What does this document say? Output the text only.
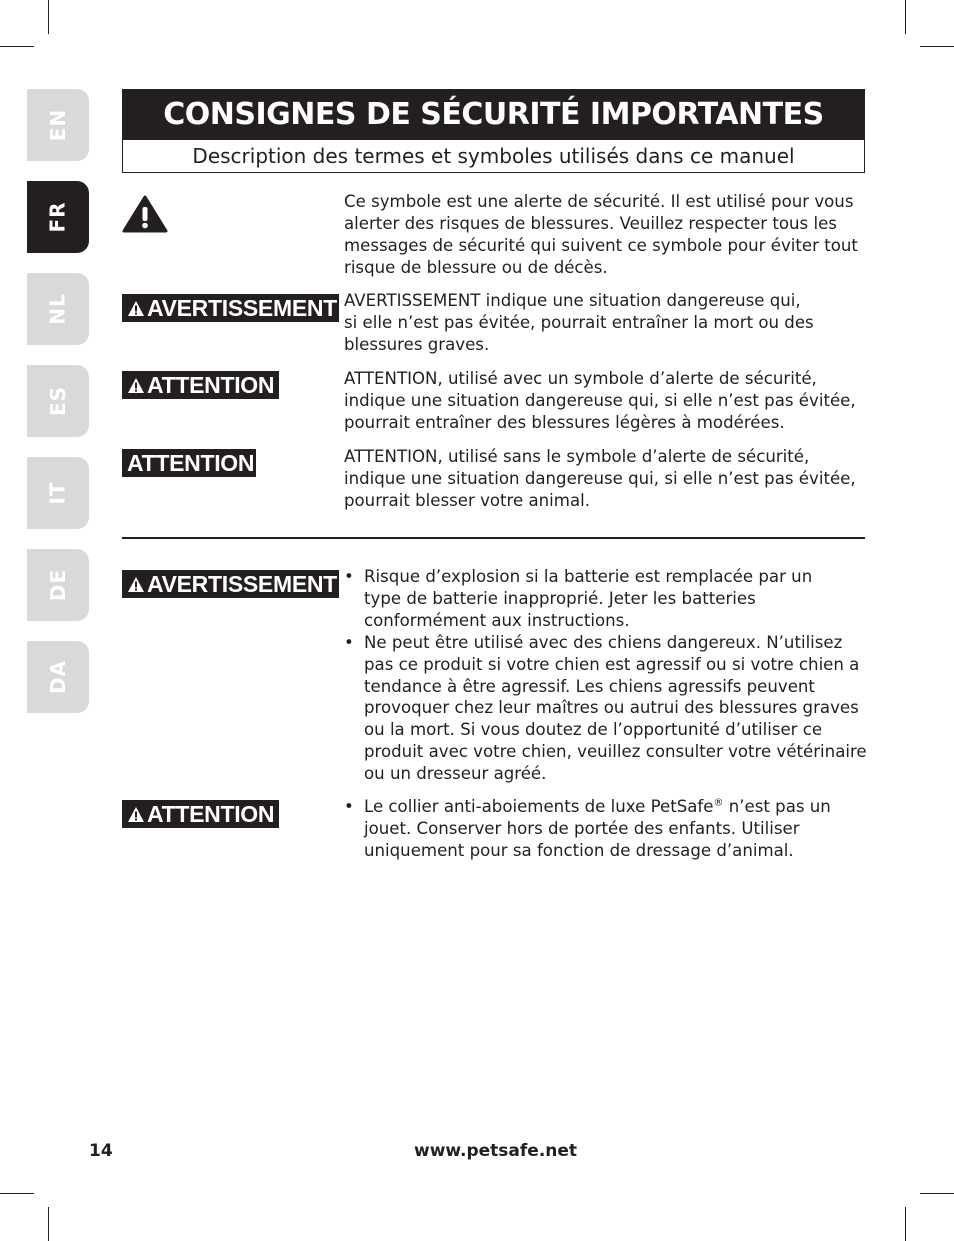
EN
FR
NL
ES
IT
DE
DA
CONSIGNES DE SÉCURITÉ IMPORTANTES
Description des termes et symboles utilisés dans ce manuel

Ce symbole est une alerte de sécurité. Il est utilisé pour vous alerter des risques de blessures. Veuillez respecter tous les messages de sécurité qui suivent ce symbole pour éviter tout risque de blessure ou de décès.

AVERTISSEMENT AVERTISSEMENT indique une situation dangereuse qui, si elle n’est pas évitée, pourrait entraîner la mort ou des blessures graves.

ATTENTION	ATTENTION, utilisé avec un symbole d’alerte de sécurité, indique une situation dangereuse qui, si elle n’est pas évitée, pourrait entraîner des blessures légères à modérées.

ATTENTION	ATTENTION, utilisé sans le symbole d’alerte de sécurité, indique une situation dangereuse qui, si elle n’est pas évitée, pourrait blesser votre animal.

AVERTISSEMENT	• Risque d’explosion si la batterie est remplacée par un type de batterie inapproprié. Jeter les batteries conformément aux instructions.
• Ne peut être utilisé avec des chiens dangereux. N’utilisez pas ce produit si votre chien est agressif ou si votre chien a tendance à être agressif. Les chiens agressifs peuvent provoquer chez leur maîtres ou autrui des blessures graves ou la mort. Si vous doutez de l’opportunité d’utiliser ce produit avec votre chien, veuillez consulter votre vétérinaire ou un dresseur agréé.
ATTENTION	• Le collier anti-aboiements de luxe PetSafe® n’est pas un jouet. Conserver hors de portée des enfants. Utiliser uniquement pour sa fonction de dressage d’animal.
14	www.petsafe.net
